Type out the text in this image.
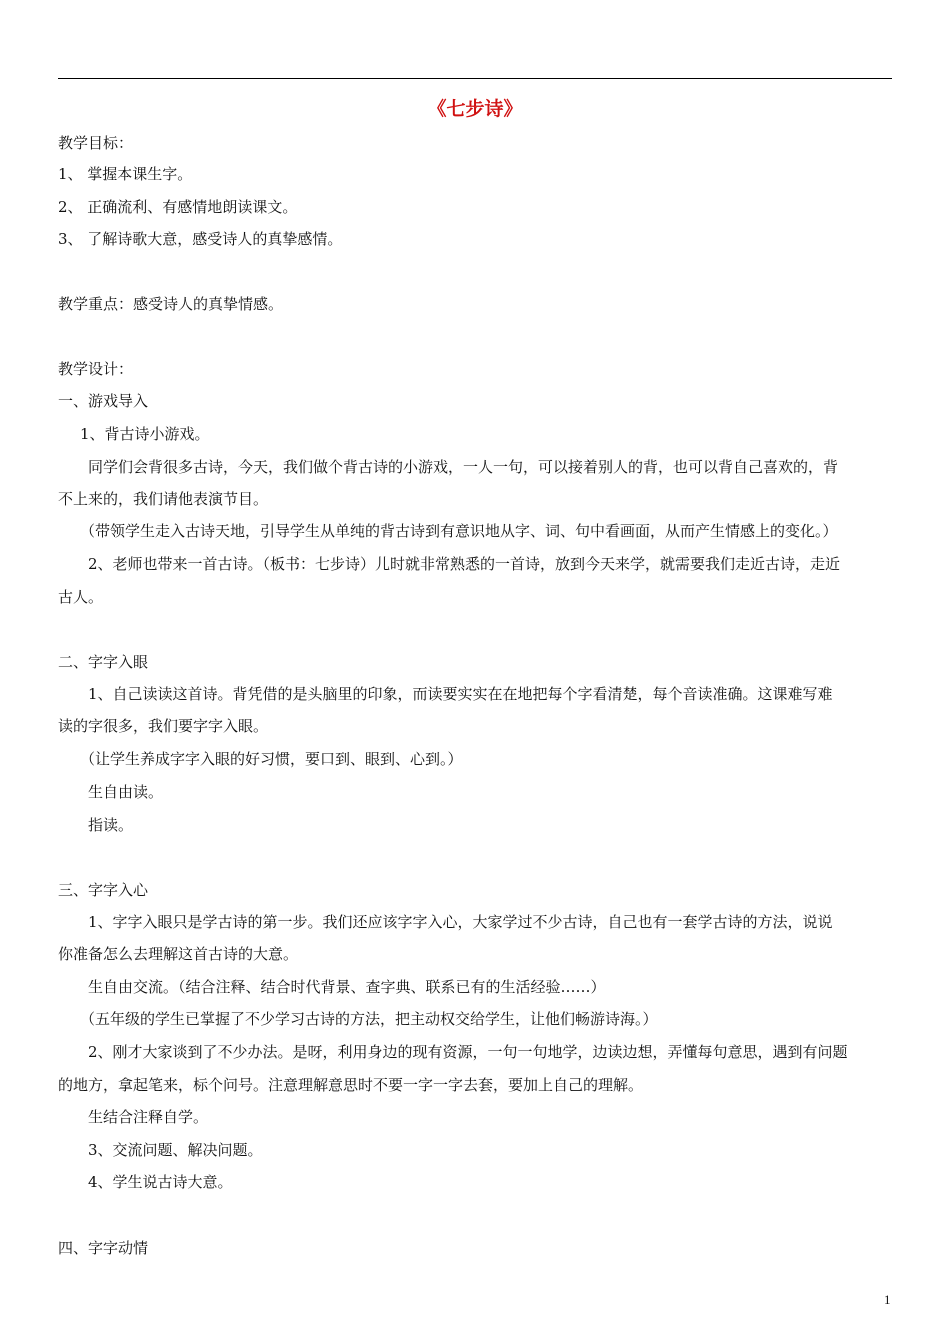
《七步诗》
教学目标：
1、 掌握本课生字。
2、 正确流利、有感情地朗读课文。
3、 了解诗歌大意，感受诗人的真挚感情。
教学重点：感受诗人的真挚情感。
教学设计：
一、游戏导入
1、背古诗小游戏。
同学们会背很多古诗，今天，我们做个背古诗的小游戏，一人一句，可以接着别人的背，也可以背自己喜欢的，背
不上来的，我们请他表演节目。
（带领学生走入古诗天地，引导学生从单纯的背古诗到有意识地从字、词、句中看画面，从而产生情感上的变化。）
2、老师也带来一首古诗。（板书：七步诗）儿时就非常熟悉的一首诗，放到今天来学，就需要我们走近古诗，走近
古人。
二、字字入眼
1、自己读读这首诗。背凭借的是头脑里的印象，而读要实实在在地把每个字看清楚，每个音读准确。这课难写难
读的字很多，我们要字字入眼。
（让学生养成字字入眼的好习惯，要口到、眼到、心到。）
生自由读。
指读。
三、字字入心
1、字字入眼只是学古诗的第一步。我们还应该字字入心，大家学过不少古诗，自己也有一套学古诗的方法，说说
你准备怎么去理解这首古诗的大意。
生自由交流。（结合注释、结合时代背景、查字典、联系已有的生活经验……）
（五年级的学生已掌握了不少学习古诗的方法，把主动权交给学生，让他们畅游诗海。）
2、刚才大家谈到了不少办法。是呀，利用身边的现有资源，一句一句地学，边读边想，弄懂每句意思，遇到有问题
的地方，拿起笔来，标个问号。注意理解意思时不要一字一字去套，要加上自己的理解。
生结合注释自学。
3、交流问题、解决问题。
4、学生说古诗大意。
四、字字动情
1
